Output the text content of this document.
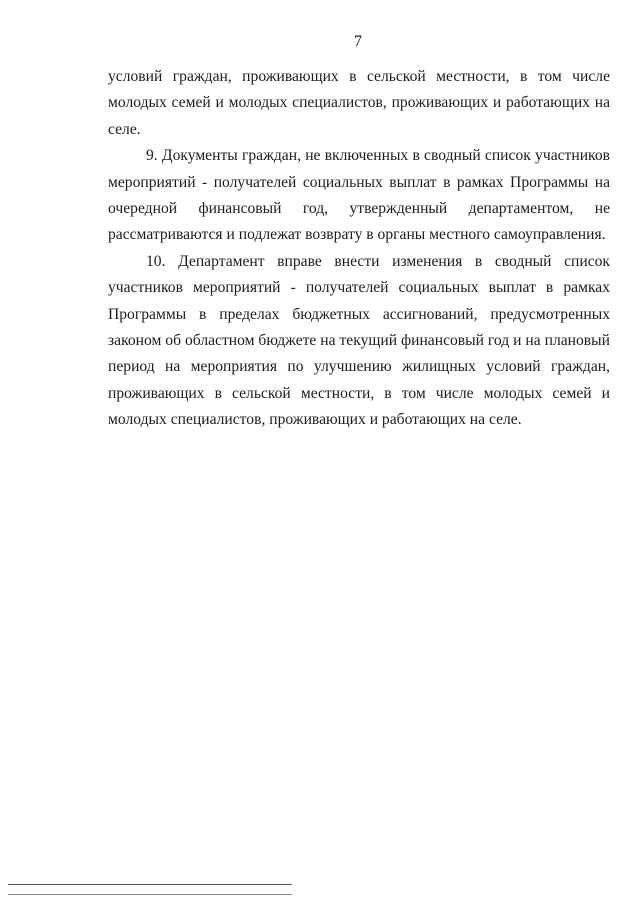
7

условий граждан, проживающих в сельской местности, в том числе молодых семей и молодых специалистов, проживающих и работающих на селе.

9. Документы граждан, не включенных в сводный список участников мероприятий - получателей социальных выплат в рамках Программы на очередной финансовый год, утвержденный департаментом, не рассматриваются и подлежат возврату в органы местного самоуправления.

10. Департамент вправе внести изменения в сводный список участников мероприятий - получателей социальных выплат в рамках Программы в пределах бюджетных ассигнований, предусмотренных законом об областном бюджете на текущий финансовый год и на плановый период на мероприятия по улучшению жилищных условий граждан, проживающих в сельской местности, в том числе молодых семей и молодых специалистов, проживающих и работающих на селе.
